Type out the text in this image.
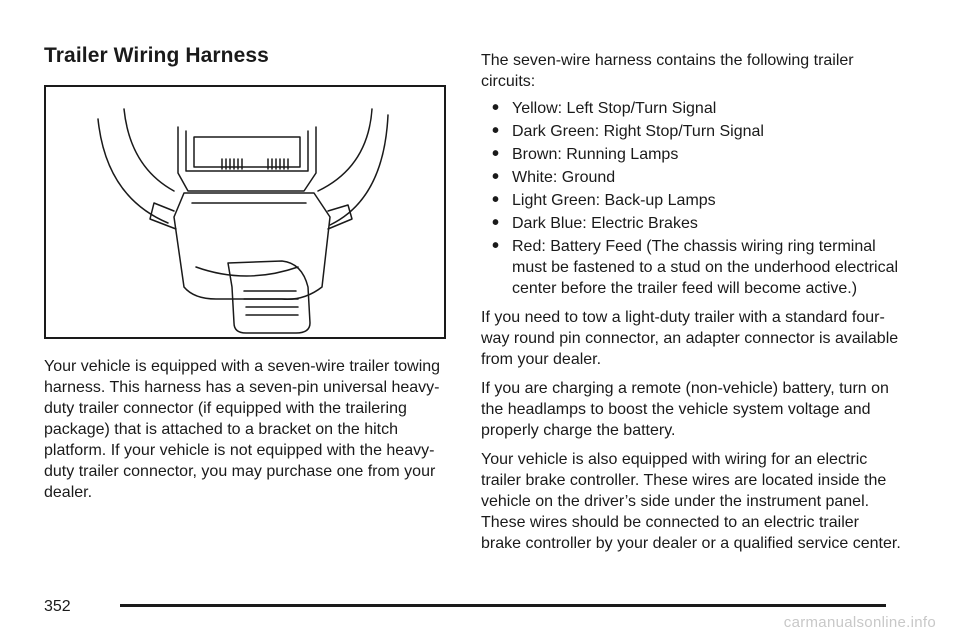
Trailer Wiring Harness

Your vehicle is equipped with a seven-wire trailer towing harness. This harness has a seven-pin universal heavy-duty trailer connector (if equipped with the trailering package) that is attached to a bracket on the hitch platform. If your vehicle is not equipped with the heavy-duty trailer connector, you may purchase one from your dealer.

The seven-wire harness contains the following trailer circuits:

• Yellow: Left Stop/Turn Signal
• Dark Green: Right Stop/Turn Signal
• Brown: Running Lamps
• White: Ground
• Light Green: Back-up Lamps
• Dark Blue: Electric Brakes
• Red: Battery Feed (The chassis wiring ring terminal must be fastened to a stud on the underhood electrical center before the trailer feed will become active.)

If you need to tow a light-duty trailer with a standard four-way round pin connector, an adapter connector is available from your dealer.

If you are charging a remote (non-vehicle) battery, turn on the headlamps to boost the vehicle system voltage and properly charge the battery.

Your vehicle is also equipped with wiring for an electric trailer brake controller. These wires are located inside the vehicle on the driver’s side under the instrument panel. These wires should be connected to an electric trailer brake controller by your dealer or a qualified service center.

352
carmanualsonline.info
